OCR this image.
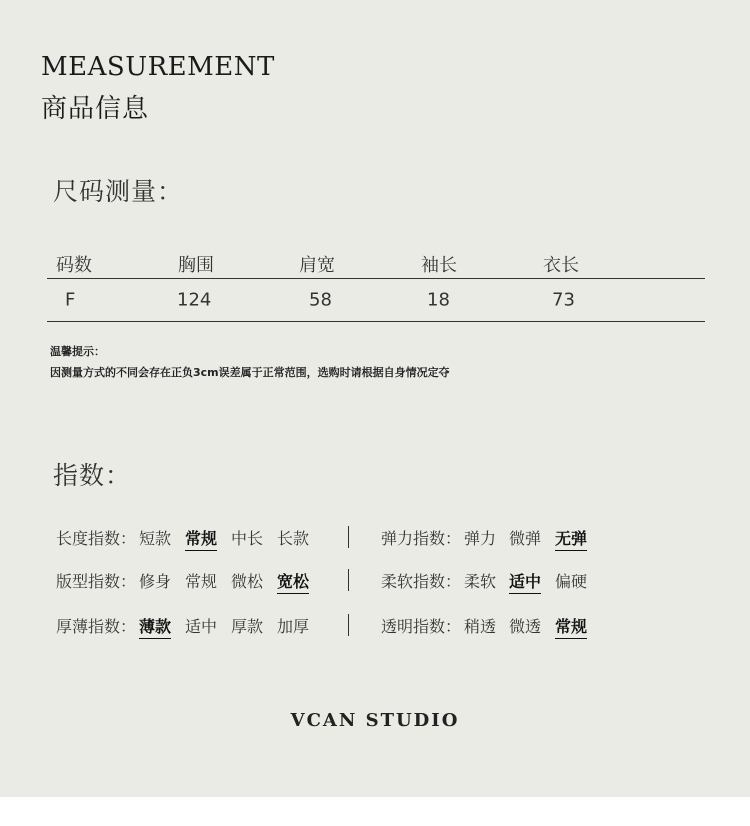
MEASUREMENT
商品信息
尺码测量：
码数	胸围	肩宽	袖长	衣长
F	124	58	18	73
温馨提示：
因测量方式的不同会存在正负3cm误差属于正常范围，选购时请根据自身情况定夺
指数：
长度指数： 短款 常规 中长 长款	弹力指数： 弹力 微弹 无弹
版型指数： 修身 常规 微松 宽松	柔软指数： 柔软 适中 偏硬
厚薄指数： 薄款 适中 厚款 加厚	透明指数： 稍透 微透 常规
VCAN STUDIO
